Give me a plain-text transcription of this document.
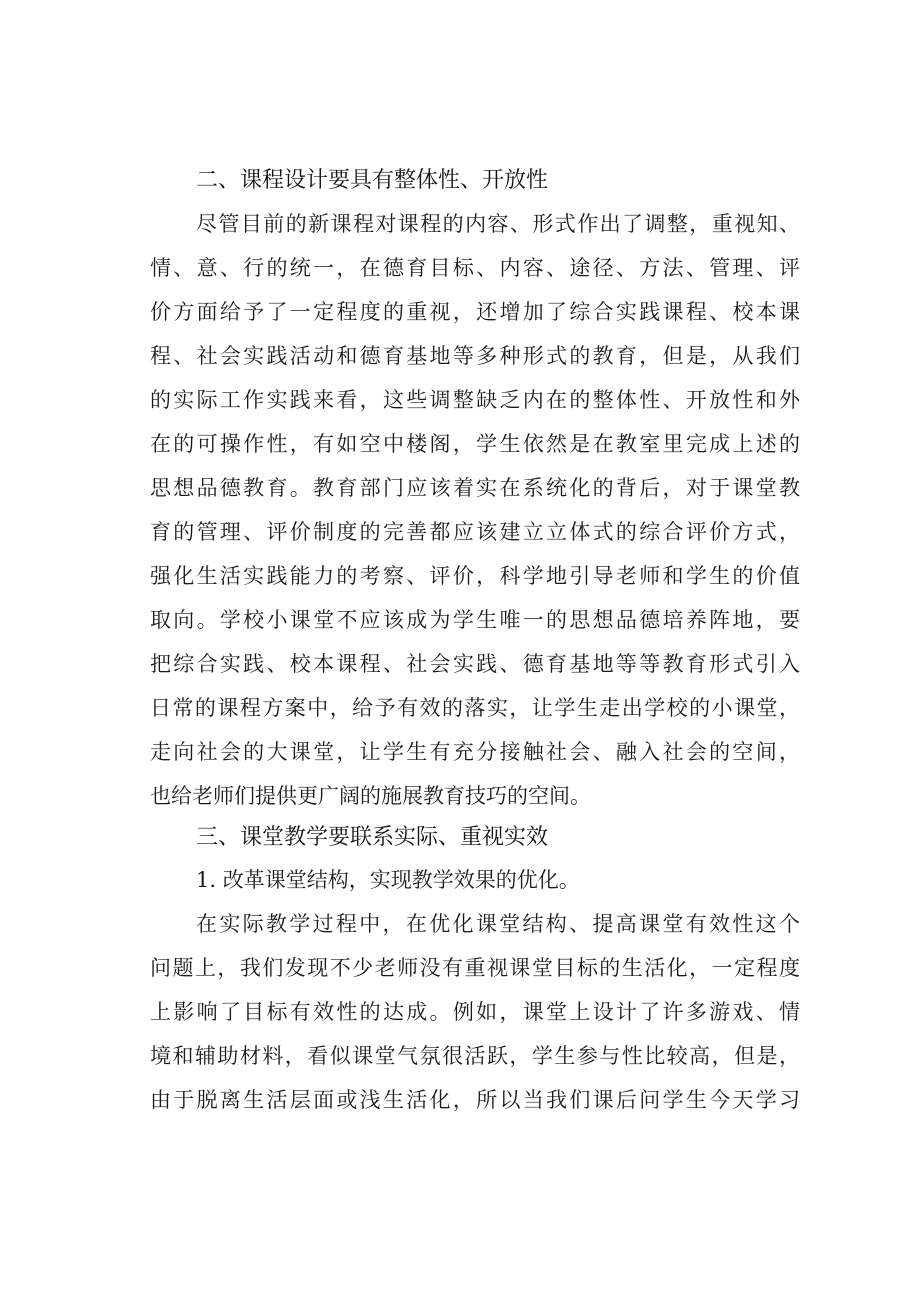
二、课程设计要具有整体性、开放性
尽管目前的新课程对课程的内容、形式作出了调整，重视知、
情、意、行的统一，在德育目标、内容、途径、方法、管理、评
价方面给予了一定程度的重视，还增加了综合实践课程、校本课
程、社会实践活动和德育基地等多种形式的教育，但是，从我们
的实际工作实践来看，这些调整缺乏内在的整体性、开放性和外
在的可操作性，有如空中楼阁，学生依然是在教室里完成上述的
思想品德教育。教育部门应该着实在系统化的背后，对于课堂教
育的管理、评价制度的完善都应该建立立体式的综合评价方式，
强化生活实践能力的考察、评价，科学地引导老师和学生的价值
取向。学校小课堂不应该成为学生唯一的思想品德培养阵地，要
把综合实践、校本课程、社会实践、德育基地等等教育形式引入
日常的课程方案中，给予有效的落实，让学生走出学校的小课堂，
走向社会的大课堂，让学生有充分接触社会、融入社会的空间，
也给老师们提供更广阔的施展教育技巧的空间。
三、课堂教学要联系实际、重视实效
1. 改革课堂结构，实现教学效果的优化。
在实际教学过程中，在优化课堂结构、提高课堂有效性这个
问题上，我们发现不少老师没有重视课堂目标的生活化，一定程度
上影响了目标有效性的达成。例如，课堂上设计了许多游戏、情
境和辅助材料，看似课堂气氛很活跃，学生参与性比较高，但是，
由于脱离生活层面或浅生活化，所以当我们课后问学生今天学习
